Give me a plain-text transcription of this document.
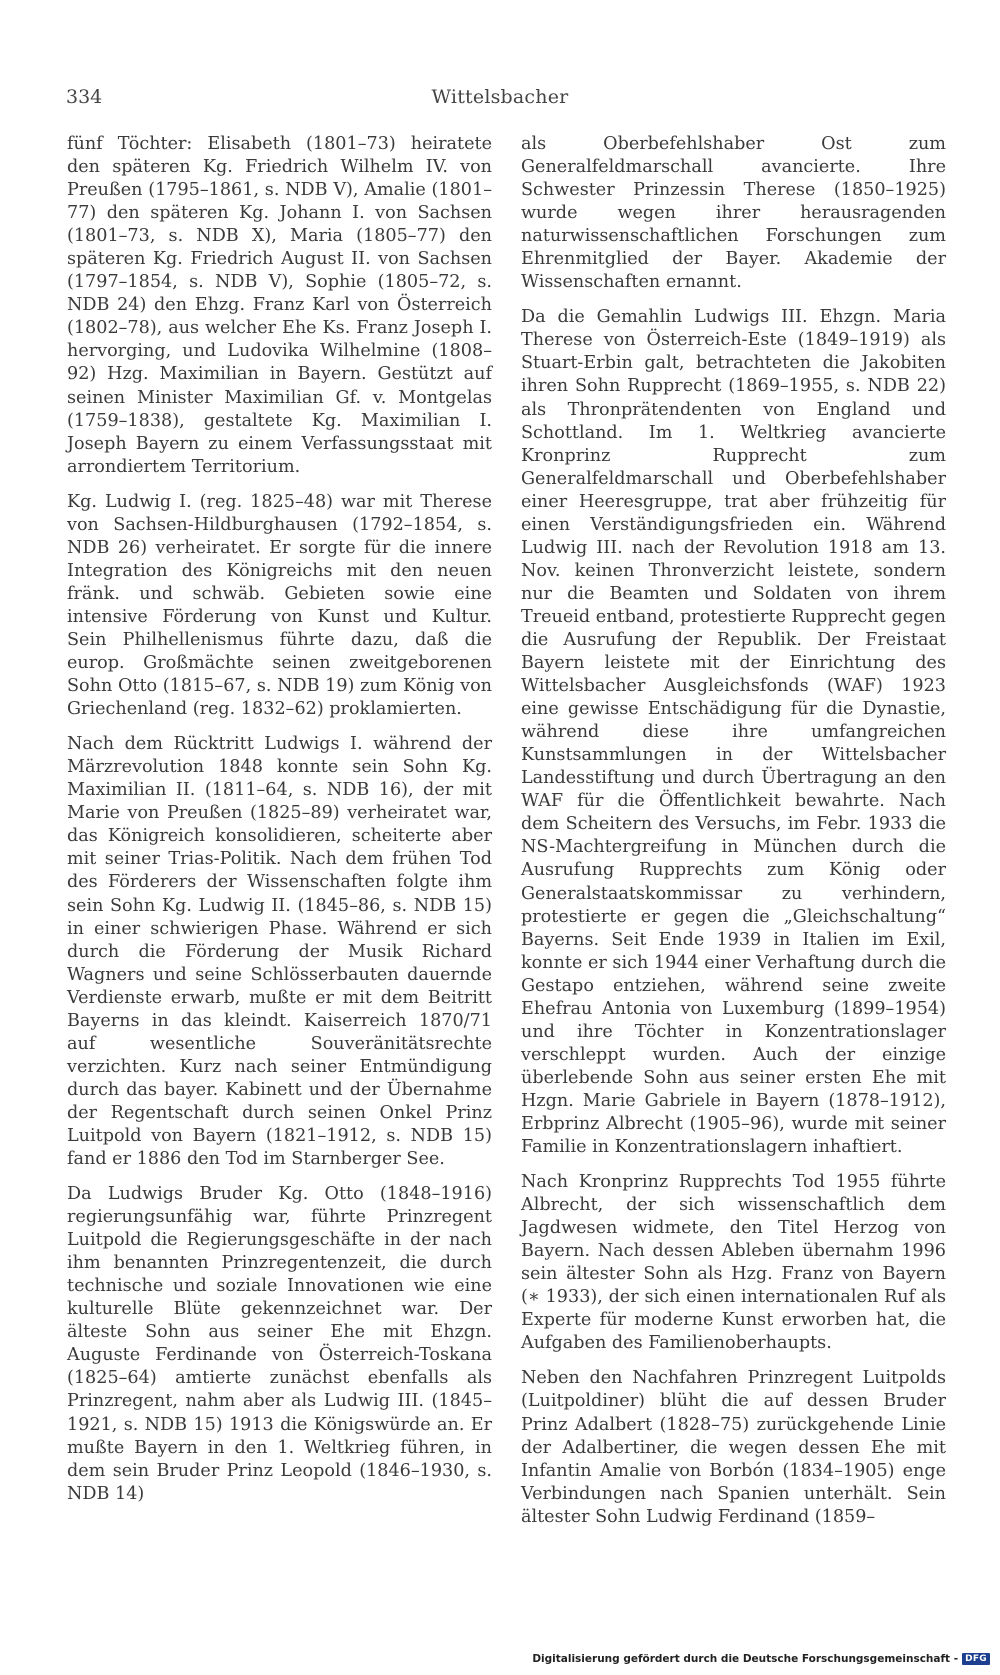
334	Wittelsbacher

fünf Töchter: Elisabeth (1801–73) heiratete den späteren Kg. Friedrich Wilhelm IV. von Preußen (1795–1861, s. NDB V), Amalie (1801–77) den späteren Kg. Johann I. von Sachsen (1801–73, s. NDB X), Maria (1805–77) den späteren Kg. Friedrich August II. von Sachsen (1797–1854, s. NDB V), Sophie (1805–72, s. NDB 24) den Ehzg. Franz Karl von Österreich (1802–78), aus welcher Ehe Ks. Franz Joseph I. hervorging, und Ludovika Wilhelmine (1808–92) Hzg. Maximilian in Bayern. Gestützt auf seinen Minister Maximilian Gf. v. Montgelas (1759–1838), gestaltete Kg. Maximilian I. Joseph Bayern zu einem Verfassungsstaat mit arrondiertem Territorium.

Kg. Ludwig I. (reg. 1825–48) war mit Therese von Sachsen-Hildburghausen (1792–1854, s. NDB 26) verheiratet. Er sorgte für die innere Integration des Königreichs mit den neuen fränk. und schwäb. Gebieten sowie eine intensive Förderung von Kunst und Kultur. Sein Philhellenismus führte dazu, daß die europ. Großmächte seinen zweitgeborenen Sohn Otto (1815–67, s. NDB 19) zum König von Griechenland (reg. 1832–62) proklamierten.

Nach dem Rücktritt Ludwigs I. während der Märzrevolution 1848 konnte sein Sohn Kg. Maximilian II. (1811–64, s. NDB 16), der mit Marie von Preußen (1825–89) verheiratet war, das Königreich konsolidieren, scheiterte aber mit seiner Trias-Politik. Nach dem frühen Tod des Förderers der Wissenschaften folgte ihm sein Sohn Kg. Ludwig II. (1845–86, s. NDB 15) in einer schwierigen Phase. Während er sich durch die Förderung der Musik Richard Wagners und seine Schlösserbauten dauernde Verdienste erwarb, mußte er mit dem Beitritt Bayerns in das kleindt. Kaiserreich 1870/71 auf wesentliche Souveränitätsrechte verzichten. Kurz nach seiner Entmündigung durch das bayer. Kabinett und der Übernahme der Regentschaft durch seinen Onkel Prinz Luitpold von Bayern (1821–1912, s. NDB 15) fand er 1886 den Tod im Starnberger See.

Da Ludwigs Bruder Kg. Otto (1848–1916) regierungsunfähig war, führte Prinzregent Luitpold die Regierungsgeschäfte in der nach ihm benannten Prinzregentenzeit, die durch technische und soziale Innovationen wie eine kulturelle Blüte gekennzeichnet war. Der älteste Sohn aus seiner Ehe mit Ehzgn. Auguste Ferdinande von Österreich-Toskana (1825–64) amtierte zunächst ebenfalls als Prinzregent, nahm aber als Ludwig III. (1845–1921, s. NDB 15) 1913 die Königswürde an. Er mußte Bayern in den 1. Weltkrieg führen, in dem sein Bruder Prinz Leopold (1846–1930, s. NDB 14)

als Oberbefehlshaber Ost zum Generalfeldmarschall avancierte. Ihre Schwester Prinzessin Therese (1850–1925) wurde wegen ihrer herausragenden naturwissenschaftlichen Forschungen zum Ehrenmitglied der Bayer. Akademie der Wissenschaften ernannt.

Da die Gemahlin Ludwigs III. Ehzgn. Maria Therese von Österreich-Este (1849–1919) als Stuart-Erbin galt, betrachteten die Jakobiten ihren Sohn Rupprecht (1869–1955, s. NDB 22) als Thronprätendenten von England und Schottland. Im 1. Weltkrieg avancierte Kronprinz Rupprecht zum Generalfeldmarschall und Oberbefehlshaber einer Heeresgruppe, trat aber frühzeitig für einen Verständigungsfrieden ein. Während Ludwig III. nach der Revolution 1918 am 13. Nov. keinen Thronverzicht leistete, sondern nur die Beamten und Soldaten von ihrem Treueid entband, protestierte Rupprecht gegen die Ausrufung der Republik. Der Freistaat Bayern leistete mit der Einrichtung des Wittelsbacher Ausgleichsfonds (WAF) 1923 eine gewisse Entschädigung für die Dynastie, während diese ihre umfangreichen Kunstsammlungen in der Wittelsbacher Landesstiftung und durch Übertragung an den WAF für die Öffentlichkeit bewahrte. Nach dem Scheitern des Versuchs, im Febr. 1933 die NS-Machtergreifung in München durch die Ausrufung Rupprechts zum König oder Generalstaatskommissar zu verhindern, protestierte er gegen die „Gleichschaltung“ Bayerns. Seit Ende 1939 in Italien im Exil, konnte er sich 1944 einer Verhaftung durch die Gestapo entziehen, während seine zweite Ehefrau Antonia von Luxemburg (1899–1954) und ihre Töchter in Konzentrationslager verschleppt wurden. Auch der einzige überlebende Sohn aus seiner ersten Ehe mit Hzgn. Marie Gabriele in Bayern (1878–1912), Erbprinz Albrecht (1905–96), wurde mit seiner Familie in Konzentrationslagern inhaftiert.

Nach Kronprinz Rupprechts Tod 1955 führte Albrecht, der sich wissenschaftlich dem Jagdwesen widmete, den Titel Herzog von Bayern. Nach dessen Ableben übernahm 1996 sein ältester Sohn als Hzg. Franz von Bayern (∗ 1933), der sich einen internationalen Ruf als Experte für moderne Kunst erworben hat, die Aufgaben des Familienoberhaupts.

Neben den Nachfahren Prinzregent Luitpolds (Luitpoldiner) blüht die auf dessen Bruder Prinz Adalbert (1828–75) zurückgehende Linie der Adalbertiner, die wegen dessen Ehe mit Infantin Amalie von Borbón (1834–1905) enge Verbindungen nach Spanien unterhält. Sein ältester Sohn Ludwig Ferdinand (1859–

Digitalisierung gefördert durch die Deutsche Forschungsgemeinschaft - DFG
